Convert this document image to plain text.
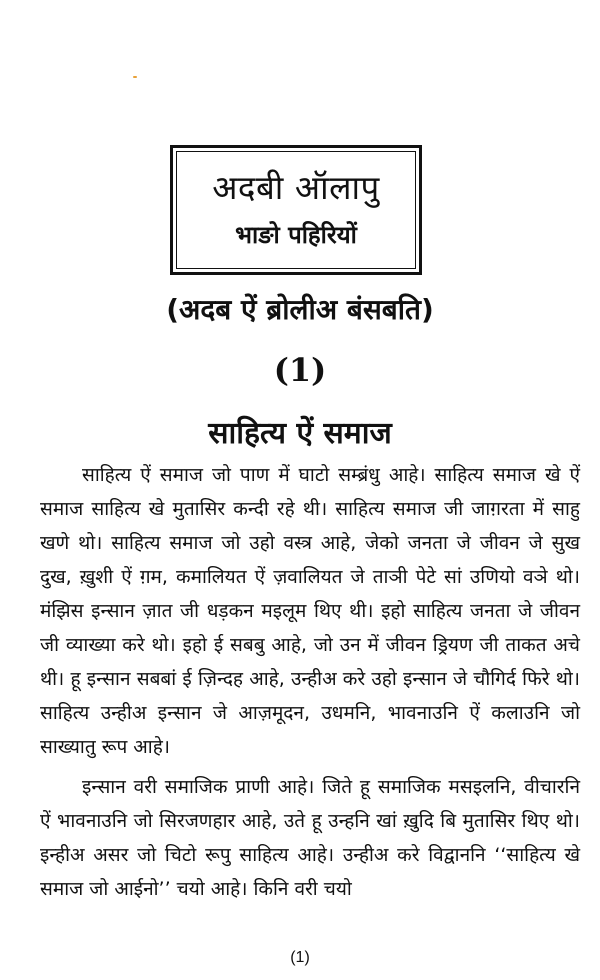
अदबी ऑलापु
भाङो पहिरियों
(अदब ऐं ब्रोलीअ बंसबति)
(1)
साहित्य ऐं समाज

साहित्य ऐं समाज जो पाण में घाटो सम्ब्रंधु आहे। साहित्य समाज खे ऐं समाज साहित्य खे मुतासिर कन्दी रहे थी। साहित्य समाज जी जाग़रता में साहु खणे थो। साहित्य समाज जो उहो वस्त्र आहे, जेको जनता जे जीवन जे सुख दुख, ख़ुशी ऐं ग़म, कमालियत ऐं ज़वालियत जे ताञी पेटे सां उणियो वञे थो। मंझिस इन्सान ज़ात जी धड़कन मइलूम थिए थी। इहो साहित्य जनता जे जीवन जी व्याख्या करे थो। इहो ई सबबु आहे, जो उन में जीवन ड्रियण जी ताकत अचे थी। हू इन्सान सबबां ई ज़िन्दह आहे, उन्हीअ करे उहो इन्सान जे चौगिर्द फिरे थो। साहित्य उन्हीअ इन्सान जे आज़मूदन, उधमनि, भावनाउनि ऐं कलाउनि जो साख्यातु रूप आहे।

इन्सान वरी समाजिक प्राणी आहे। जिते हू समाजिक मसइलनि, वीचारनि ऐं भावनाउनि जो सिरजणहार आहे, उते हू उन्हनि खां ख़ुदि बि मुतासिर थिए थो। इन्हीअ असर जो चिटो रूपु साहित्य आहे। उन्हीअ करे विद्वाननि ‘‘साहित्य खे समाज जो आईनो’’ चयो आहे। किनि वरी चयो

(1)
